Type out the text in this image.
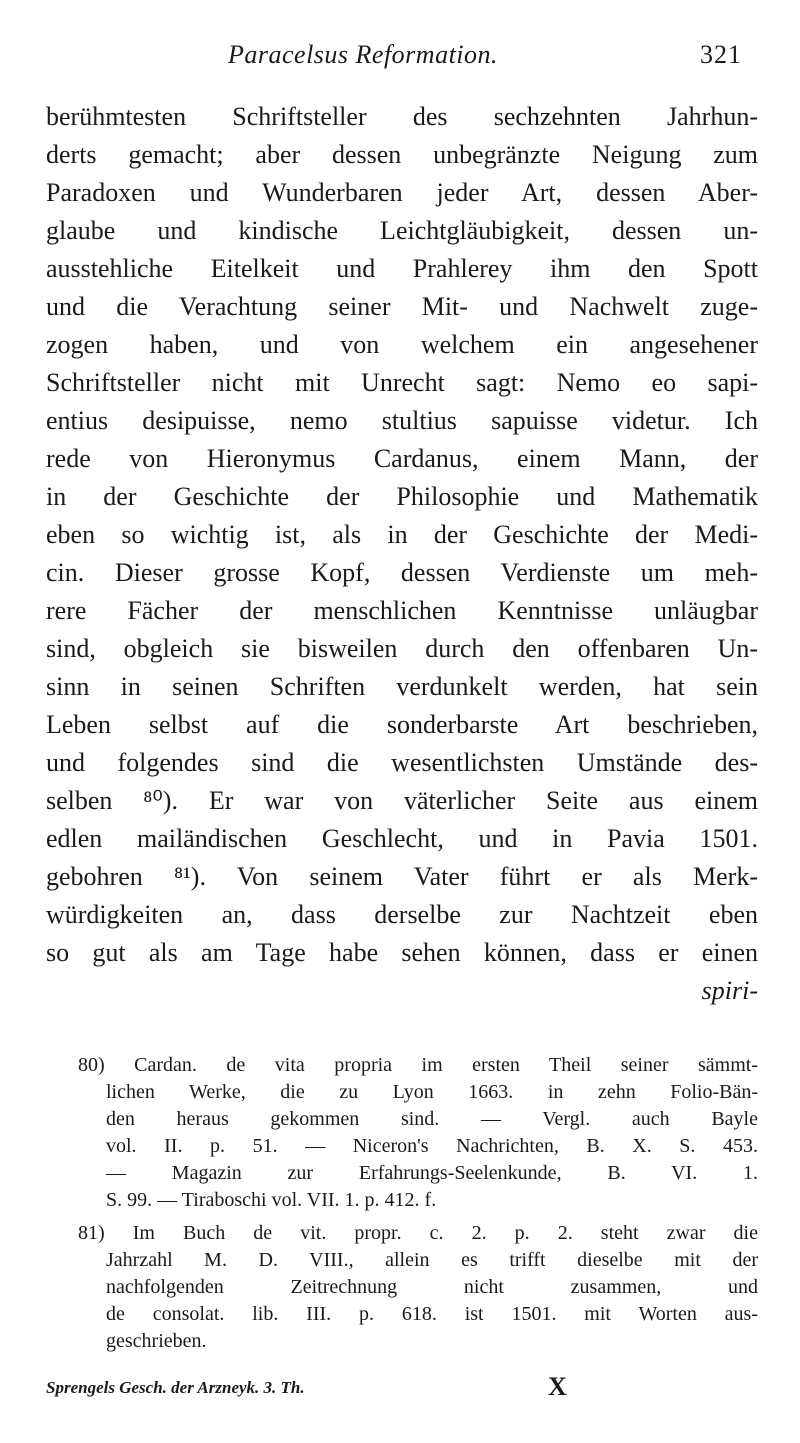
Paracelsus Reformation.	321
berühmtesten Schriftsteller des sechzehnten Jahrhun-
derts gemacht; aber dessen unbegränzte Neigung zum
Paradoxen und Wunderbaren jeder Art, dessen Aber-
glaube und kindische Leichtgläubigkeit, dessen un-
ausstehliche Eitelkeit und Prahlerey ihm den Spott
und die Verachtung seiner Mit- und Nachwelt zuge-
zogen haben, und von welchem ein angesehener
Schriftsteller nicht mit Unrecht sagt: Nemo eo sapi-
entius desipuisse, nemo stultius sapuisse videtur. Ich
rede von Hieronymus Cardanus, einem Mann, der
in der Geschichte der Philosophie und Mathematik
eben so wichtig ist, als in der Geschichte der Medi-
cin. Dieser grosse Kopf, dessen Verdienste um meh-
rere Fächer der menschlichen Kenntnisse unläugbar
sind, obgleich sie bisweilen durch den offenbaren Un-
sinn in seinen Schriften verdunkelt werden, hat sein
Leben selbst auf die sonderbarste Art beschrieben,
und folgendes sind die wesentlichsten Umstände des-
selben ⁸⁰). Er war von väterlicher Seite aus einem
edlen mailändischen Geschlecht, und in Pavia 1501.
gebohren ⁸¹). Von seinem Vater führt er als Merk-
würdigkeiten an, dass derselbe zur Nachtzeit eben
so gut als am Tage habe sehen können, dass er einen
spiri-
80) Cardan. de vita propria im ersten Theil seiner sämmt-
lichen Werke, die zu Lyon 1663. in zehn Folio-Bän-
den heraus gekommen sind. — Vergl. auch Bayle
vol. II. p. 51. — Niceron's Nachrichten, B. X. S. 453.
— Magazin zur Erfahrungs-Seelenkunde, B. VI. 1.
S. 99. — Tiraboschi vol. VII. 1. p. 412. f.
81) Im Buch de vit. propr. c. 2. p. 2. steht zwar die
Jahrzahl M. D. VIII., allein es trifft dieselbe mit der
nachfolgenden Zeitrechnung nicht zusammen, und
de consolat. lib. III. p. 618. ist 1501. mit Worten aus-
geschrieben.
Sprengels Gesch. der Arzneyk. 3. Th.	X
